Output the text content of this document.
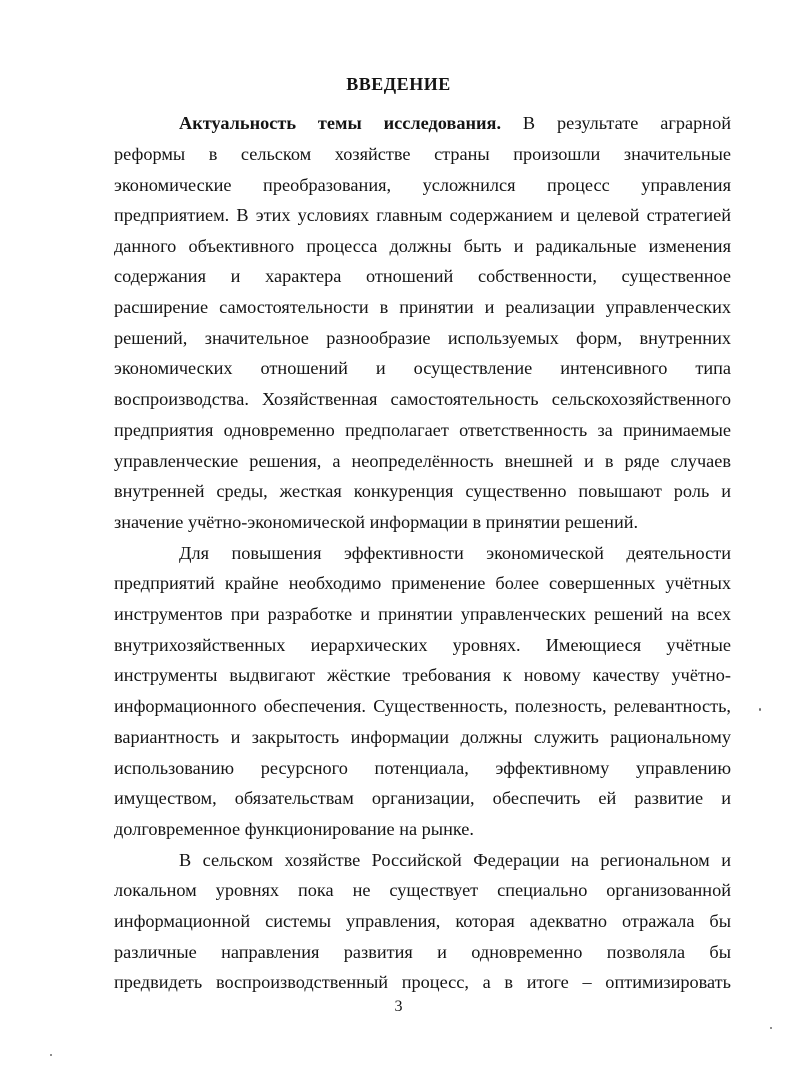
ВВЕДЕНИЕ
Актуальность темы исследования. В результате аграрной
реформы в сельском хозяйстве страны произошли значительные
экономические преобразования, усложнился процесс управления
предприятием. В этих условиях главным содержанием и целевой стратегией
данного объективного процесса должны быть и радикальные изменения
содержания и характера отношений собственности, существенное
расширение самостоятельности в принятии и реализации управленческих
решений, значительное разнообразие используемых форм, внутренних
экономических отношений и осуществление интенсивного типа
воспроизводства. Хозяйственная самостоятельность сельскохозяйственного
предприятия одновременно предполагает ответственность за принимаемые
управленческие решения, а неопределённость внешней и в ряде случаев
внутренней среды, жесткая конкуренция существенно повышают роль и
значение учётно-экономической информации в принятии решений.
Для повышения эффективности экономической деятельности
предприятий крайне необходимо применение более совершенных учётных
инструментов при разработке и принятии управленческих решений на всех
внутрихозяйственных иерархических уровнях. Имеющиеся учётные
инструменты выдвигают жёсткие требования к новому качеству учётно-
информационного обеспечения. Существенность, полезность, релевантность,
вариантность и закрытость информации должны служить рациональному
использованию ресурсного потенциала, эффективному управлению
имуществом, обязательствам организации, обеспечить ей развитие и
долговременное функционирование на рынке.
В сельском хозяйстве Российской Федерации на региональном и
локальном уровнях пока не существует специально организованной
информационной системы управления, которая адекватно отражала бы
различные направления развития и одновременно позволяла бы
предвидеть воспроизводственный процесс, а в итоге – оптимизировать
3
